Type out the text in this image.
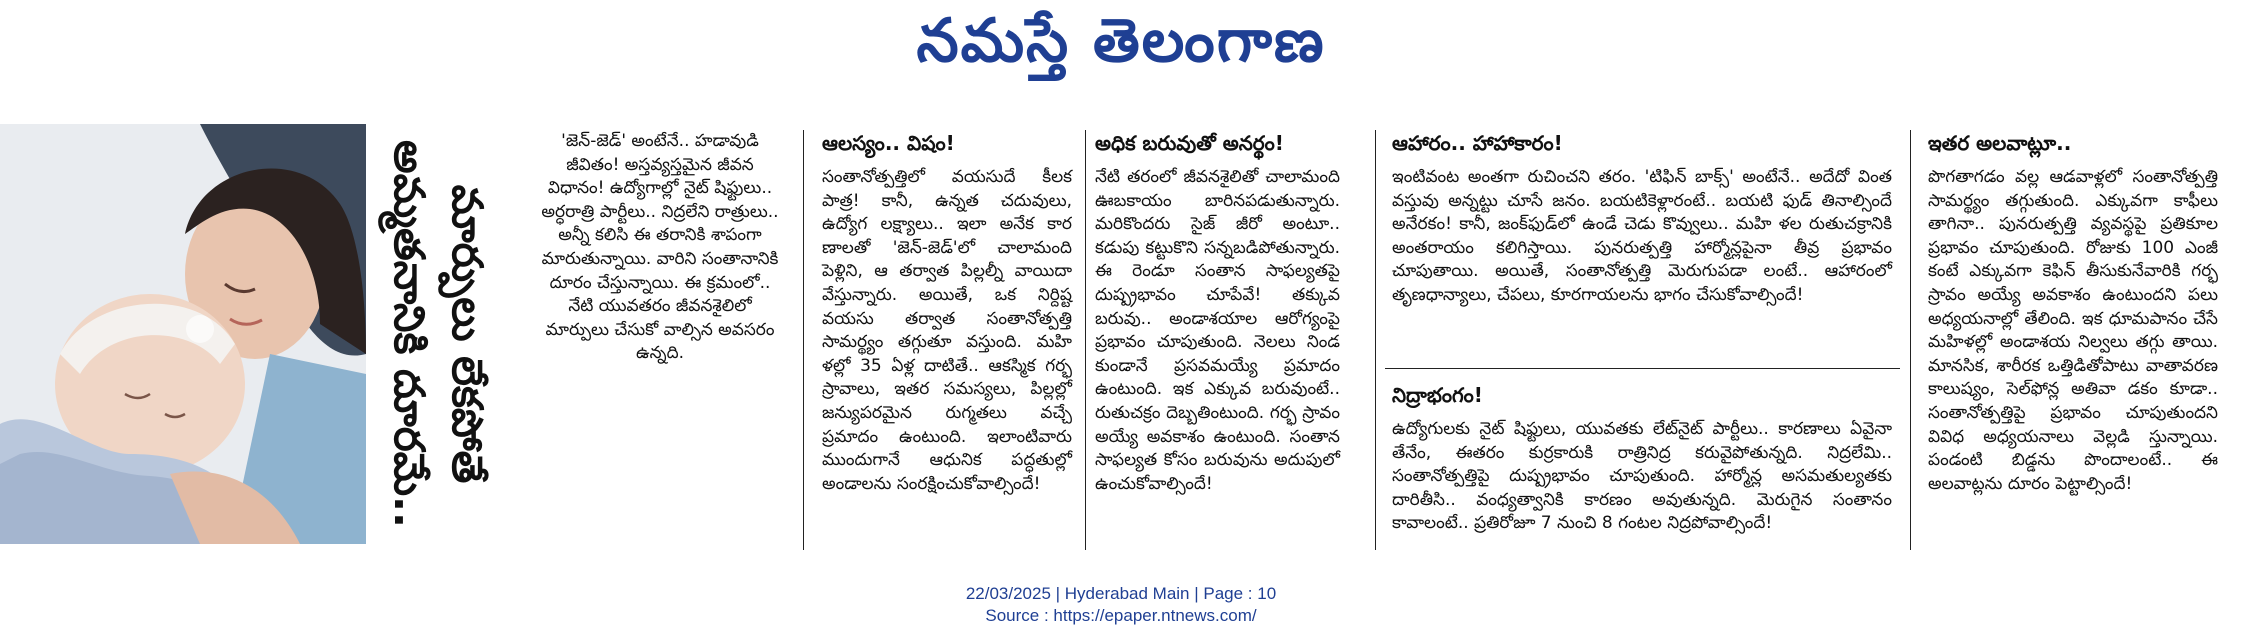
నమస్తే తెలంగాణ
మార్పులు లేకపోతే
అమ్మతనానికి దూరమే..	'జెన్-జెడ్' అంటేనే.. హడావుడి జీవితం! అస్తవ్యస్తమైన జీవన విధానం! ఉద్యోగాల్లో నైట్ షిఫ్టులు.. అర్ధరాత్రి పార్టీలు.. నిద్రలేని రాత్రులు.. అన్నీ కలిసి ఈ తరానికి శాపంగా మారుతున్నాయి. వారిని సంతానానికి దూరం చేస్తున్నాయి. ఈ క్రమంలో.. నేటి యువతరం జీవనశైలిలో మార్పులు చేసుకో వాల్సిన అవసరం ఉన్నది.

ఆలస్యం.. విషం!

సంతానోత్పత్తిలో వయసుదే కీలక పాత్ర! కానీ, ఉన్నత చదువులు, ఉద్యోగ లక్ష్యాలు.. ఇలా అనేక కార ణాలతో 'జెన్-జెడ్'లో చాలామంది పెళ్లిని, ఆ తర్వాత పిల్లల్నీ వాయిదా వేస్తున్నారు. అయితే, ఒక నిర్దిష్ట వయసు తర్వాత సంతానోత్పత్తి సామర్థ్యం తగ్గుతూ వస్తుంది. మహి ళల్లో 35 ఏళ్ల దాటితే.. ఆకస్మిక గర్భ స్రావాలు, ఇతర సమస్యలు, పిల్లల్లో జన్యుపరమైన రుగ్మతలు వచ్చే ప్రమాదం ఉంటుంది. ఇలాంటివారు ముందుగానే ఆధునిక పద్ధతుల్లో అండాలను సంరక్షించుకోవాల్సిందే!

అధిక బరువుతో అనర్థం!

నేటి తరంలో జీవనశైలితో చాలామంది ఊబకాయం బారినపడుతున్నారు. మరికొందరు సైజ్ జీరో అంటూ.. కడుపు కట్టుకొని సన్నబడిపోతున్నారు. ఈ రెండూ సంతాన సాఫల్యతపై దుష్ప్రభావం చూపేవే! తక్కువ బరువు.. అండాశయాల ఆరోగ్యంపై ప్రభావం చూపుతుంది. నెలలు నిండ కుండానే ప్రసవమయ్యే ప్రమాదం ఉంటుంది. ఇక ఎక్కువ బరువుంటే.. రుతుచక్రం దెబ్బతింటుంది. గర్భ స్రావం అయ్యే అవకాశం ఉంటుంది. సంతాన సాఫల్యత కోసం బరువును అదుపులో ఉంచుకోవాల్సిందే!

ఆహారం.. హాహాకారం!

ఇంటివంట అంతగా రుచించని తరం. 'టిఫిన్ బాక్స్' అంటేనే.. అదేదో వింత వస్తువు అన్నట్టు చూసే జనం. బయటికెళ్లారంటే.. బయటి ఫుడ్ తినాల్సిందే అనేరకం! కానీ, జంక్‌ఫుడ్‌లో ఉండే చెడు కొవ్వులు.. మహి ళల రుతుచక్రానికి అంతరాయం కలిగిస్తాయి. పునరుత్పత్తి హార్మోన్లపైనా తీవ్ర ప్రభావం చూపుతాయి. అయితే, సంతానోత్పత్తి మెరుగుపడా లంటే.. ఆహారంలో తృణధాన్యాలు, చేపలు, కూరగాయలను భాగం చేసుకోవాల్సిందే!

నిద్రాభంగం!

ఉద్యోగులకు నైట్ షిఫ్టులు, యువతకు లేట్‌నైట్ పార్టీలు.. కారణాలు ఏవైనా తేనేం, ఈతరం కుర్రకారుకి రాత్రినిద్ర కరువైపోతున్నది. నిద్రలేమి.. సంతానోత్పత్తిపై దుష్ప్రభావం చూపుతుంది. హార్మోన్ల అసమతుల్యతకు దారితీసి.. వంధ్యత్వానికి కారణం అవుతున్నది. మెరుగైన సంతానం కావాలంటే.. ప్రతిరోజూ 7 నుంచి 8 గంటల నిద్రపోవాల్సిందే!

ఇతర అలవాట్లూ..

పొగతాగడం వల్ల ఆడవాళ్లలో సంతానోత్పత్తి సామర్థ్యం తగ్గుతుంది. ఎక్కువగా కాఫీలు తాగినా.. పునరుత్పత్తి వ్యవస్థపై ప్రతికూల ప్రభావం చూపుతుంది. రోజుకు 100 ఎంజీ కంటే ఎక్కువగా కెఫిన్ తీసుకునేవారికి గర్భ స్రావం అయ్యే అవకాశం ఉంటుందని పలు అధ్యయనాల్లో తేలింది. ఇక ధూమపానం చేసే మహిళల్లో అండాశయ నిల్వలు తగ్గు తాయి. మానసిక, శారీరక ఒత్తిడితోపాటు వాతావరణ కాలుష్యం, సెల్‌ఫోన్ల అతివా డకం కూడా.. సంతానోత్పత్తిపై ప్రభావం చూపుతుందని వివిధ అధ్యయనాలు వెల్లడి స్తున్నాయి. పండంటి బిడ్డను పొందాలంటే.. ఈ అలవాట్లను దూరం పెట్టాల్సిందే!

22/03/2025 | Hyderabad Main | Page : 10
Source : https://epaper.ntnews.com/
